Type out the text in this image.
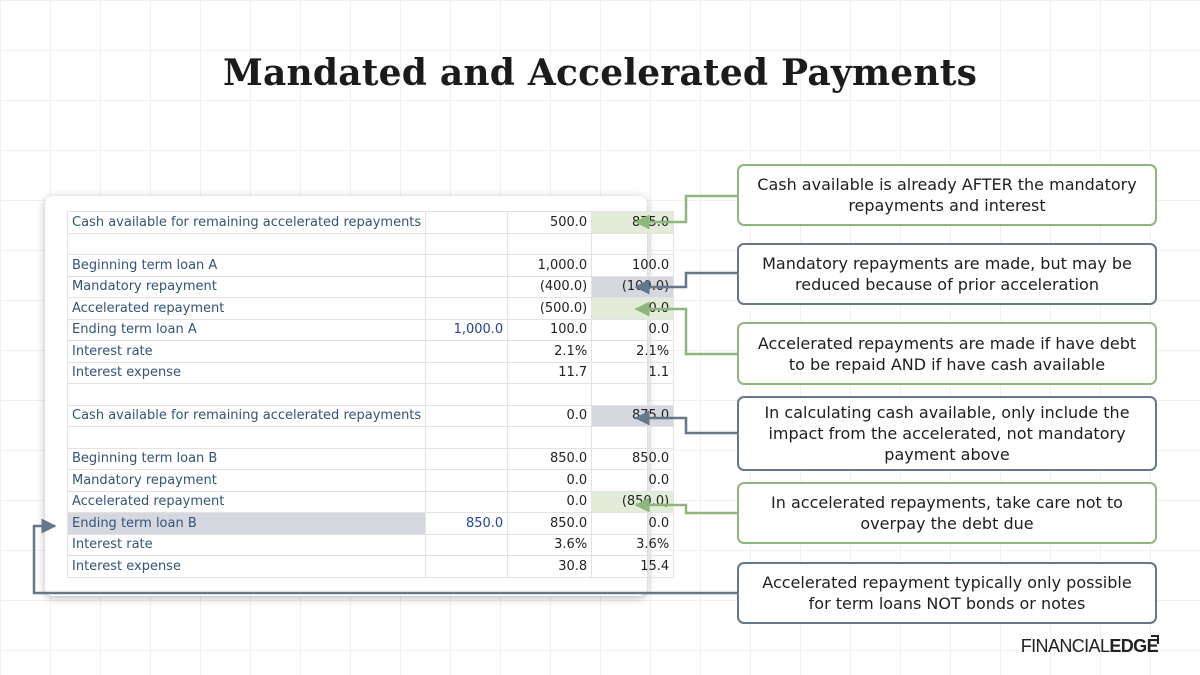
Mandated and Accelerated Payments
Cash available for remaining accelerated repayments		500.0	875.0

Beginning term loan A		1,000.0	100.0
Mandatory repayment		(400.0)	(100.0)
Accelerated repayment		(500.0)	0.0
Ending term loan A	1,000.0	100.0	0.0
Interest rate		2.1%	2.1%
Interest expense		11.7	1.1

Cash available for remaining accelerated repayments		0.0	875.0

Beginning term loan B		850.0	850.0
Mandatory repayment		0.0	0.0
Accelerated repayment		0.0	(850.0)
Ending term loan B	850.0	850.0	0.0
Interest rate		3.6%	3.6%
Interest expense		30.8	15.4
Cash available is already AFTER the mandatory repayments and interest
Mandatory repayments are made, but may be reduced because of prior acceleration
Accelerated repayments are made if have debt to be repaid AND if have cash available
In calculating cash available, only include the impact from the accelerated, not mandatory payment above
In accelerated repayments, take care not to overpay the debt due
Accelerated repayment typically only possible for term loans NOT bonds or notes
FINANCIALEDGE
